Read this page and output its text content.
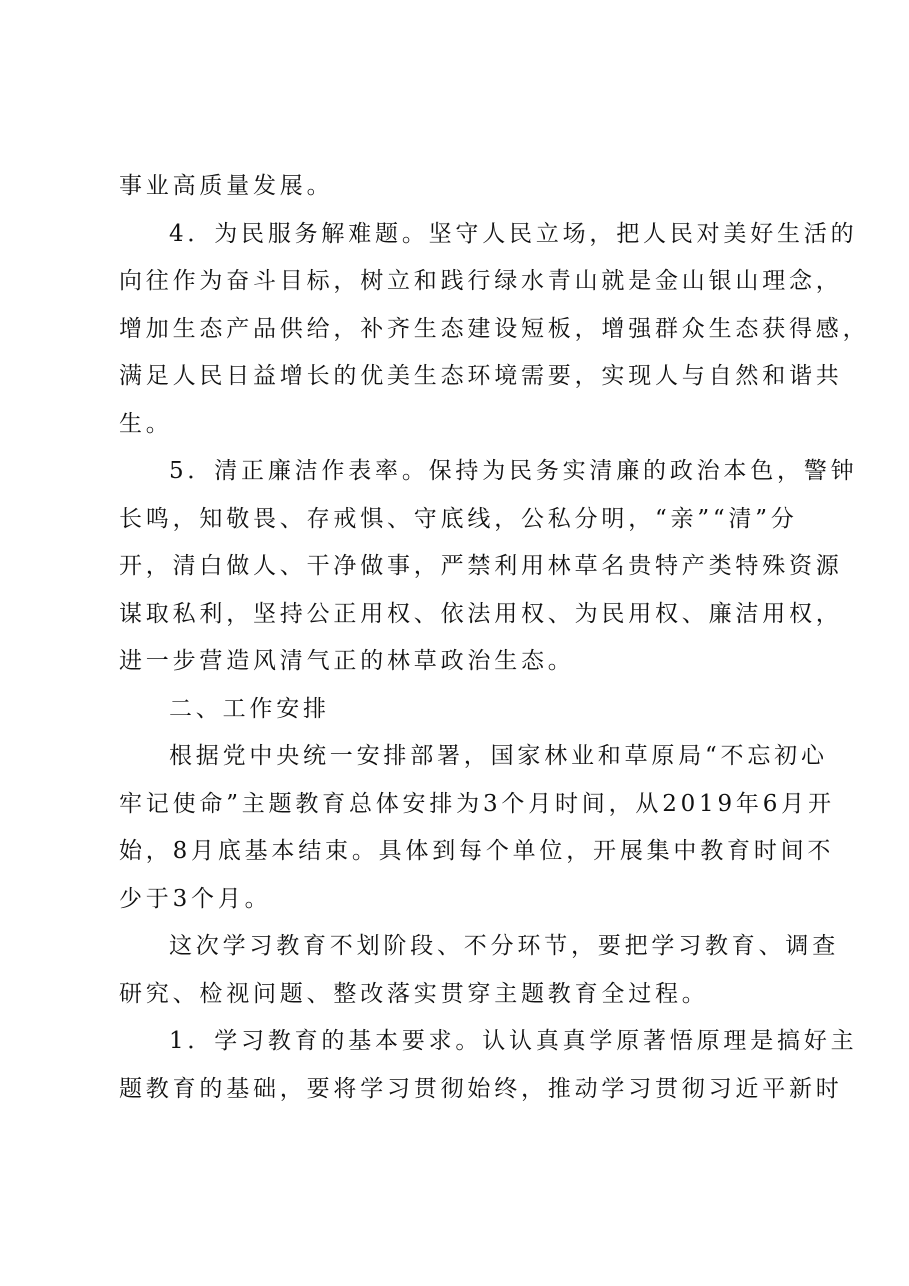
事业高质量发展。
4．为民服务解难题。坚守人民立场，把人民对美好生活的
向往作为奋斗目标，树立和践行绿水青山就是金山银山理念，
增加生态产品供给，补齐生态建设短板，增强群众生态获得感，
满足人民日益增长的优美生态环境需要，实现人与自然和谐共
生。
5．清正廉洁作表率。保持为民务实清廉的政治本色，警钟
长鸣，知敬畏、存戒惧、守底线，公私分明，“亲”“清”分
开，清白做人、干净做事，严禁利用林草名贵特产类特殊资源
谋取私利，坚持公正用权、依法用权、为民用权、廉洁用权，
进一步营造风清气正的林草政治生态。
二、工作安排
根据党中央统一安排部署，国家林业和草原局“不忘初心
牢记使命”主题教育总体安排为3个月时间，从2019年6月开
始，8月底基本结束。具体到每个单位，开展集中教育时间不
少于3个月。
这次学习教育不划阶段、不分环节，要把学习教育、调查
研究、检视问题、整改落实贯穿主题教育全过程。
1．学习教育的基本要求。认认真真学原著悟原理是搞好主
题教育的基础，要将学习贯彻始终，推动学习贯彻习近平新时
